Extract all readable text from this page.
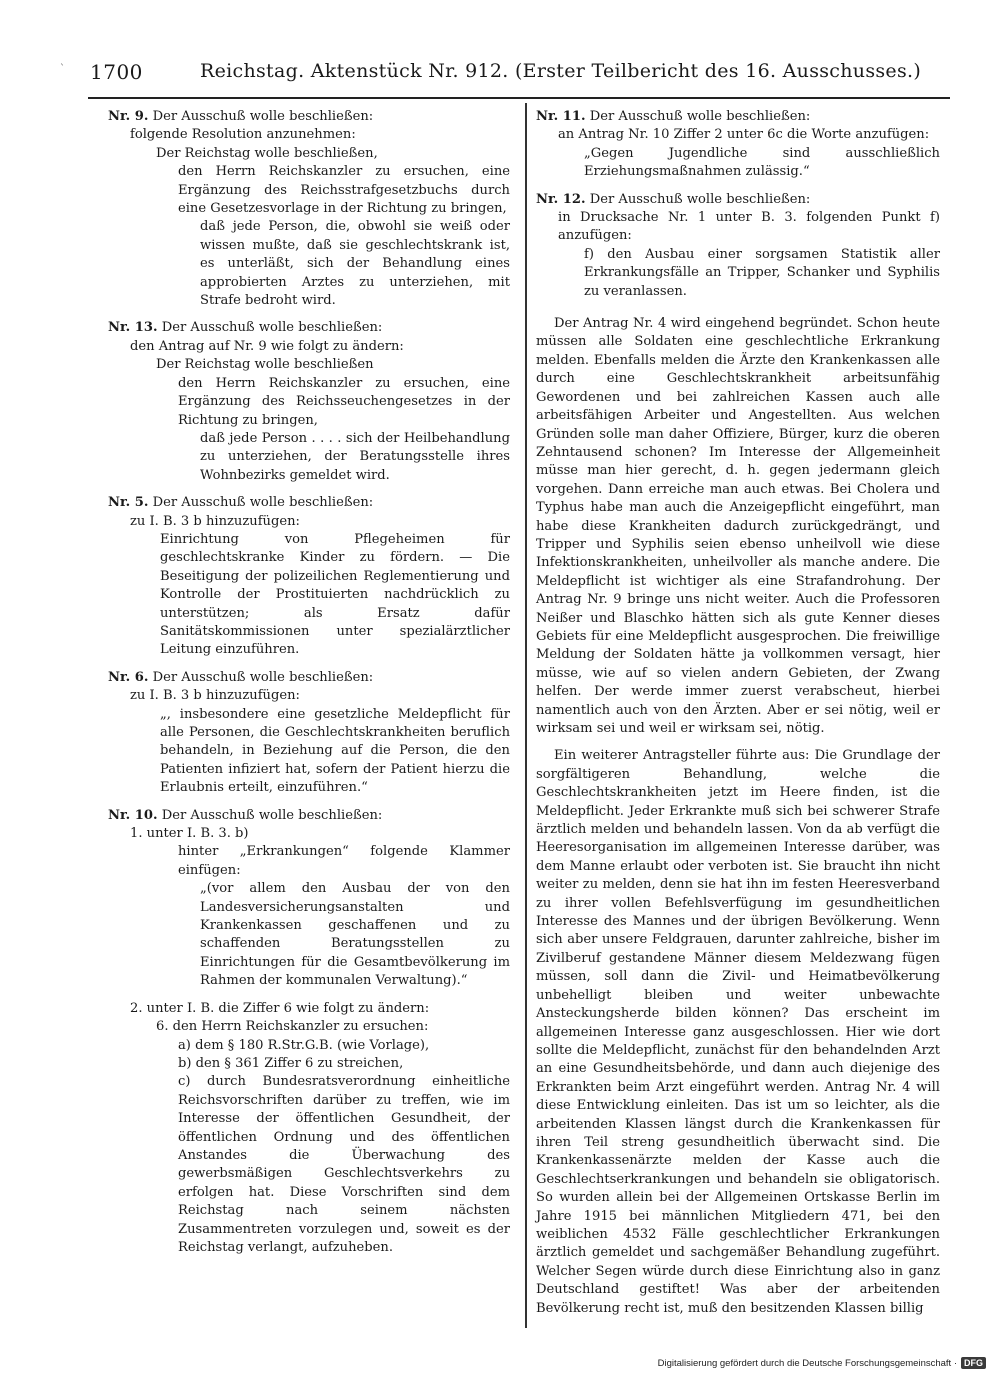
ˋ 1700	Reichstag. Aktenstück Nr. 912. (Erster Teilbericht des 16. Ausschusses.)
Nr. 9. Der Ausschuß wolle beschließen:
folgende Resolution anzunehmen:
Der Reichstag wolle beschließen,
den Herrn Reichskanzler zu ersuchen, eine Ergänzung des Reichsstrafgesetzbuchs durch eine Gesetzesvorlage in der Richtung zu bringen,
daß jede Person, die, obwohl sie weiß oder wissen mußte, daß sie geschlechtskrank ist, es unterläßt, sich der Behandlung eines approbierten Arztes zu unterziehen, mit Strafe bedroht wird.
Nr. 13. Der Ausschuß wolle beschließen:
den Antrag auf Nr. 9 wie folgt zu ändern:
Der Reichstag wolle beschließen
den Herrn Reichskanzler zu ersuchen, eine Ergänzung des Reichsseuchengesetzes in der Richtung zu bringen,
daß jede Person . . . . sich der Heilbehandlung zu unterziehen, der Beratungsstelle ihres Wohnbezirks gemeldet wird.
Nr. 5. Der Ausschuß wolle beschließen:
zu I. B. 3 b hinzuzufügen:
Einrichtung von Pflegeheimen für geschlechtskranke Kinder zu fördern. — Die Beseitigung der polizeilichen Reglementierung und Kontrolle der Prostituierten nachdrücklich zu unterstützen; als Ersatz dafür Sanitätskommissionen unter spezialärztlicher Leitung einzuführen.
Nr. 6. Der Ausschuß wolle beschließen:
zu I. B. 3 b hinzuzufügen:
„, insbesondere eine gesetzliche Meldepflicht für alle Personen, die Geschlechtskrankheiten beruflich behandeln, in Beziehung auf die Person, die den Patienten infiziert hat, sofern der Patient hierzu die Erlaubnis erteilt, einzuführen.“
Nr. 10. Der Ausschuß wolle beschließen:
1. unter I. B. 3. b)
hinter „Erkrankungen“ folgende Klammer einfügen:
„(vor allem den Ausbau der von den Landesversicherungsanstalten und Krankenkassen geschaffenen und zu schaffenden Beratungsstellen zu Einrichtungen für die Gesamtbevölkerung im Rahmen der kommunalen Verwaltung).“
2. unter I. B. die Ziffer 6 wie folgt zu ändern:
6. den Herrn Reichskanzler zu ersuchen:
a) dem § 180 R.Str.G.B. (wie Vorlage),
b) den § 361 Ziffer 6 zu streichen,
c) durch Bundesratsverordnung einheitliche Reichsvorschriften darüber zu treffen, wie im Interesse der öffentlichen Gesundheit, der öffentlichen Ordnung und des öffentlichen Anstandes die Überwachung des gewerbsmäßigen Geschlechtsverkehrs zu erfolgen hat. Diese Vorschriften sind dem Reichstag nach seinem nächsten Zusammentreten vorzulegen und, soweit es der Reichstag verlangt, aufzuheben.
Nr. 11. Der Ausschuß wolle beschließen:
an Antrag Nr. 10 Ziffer 2 unter 6c die Worte anzufügen:
„Gegen Jugendliche sind ausschließlich Erziehungsmaßnahmen zulässig.“
Nr. 12. Der Ausschuß wolle beschließen:
in Drucksache Nr. 1 unter B. 3. folgenden Punkt f) anzufügen:
f) den Ausbau einer sorgsamen Statistik aller Erkrankungsfälle an Tripper, Schanker und Syphilis zu veranlassen.
Der Antrag Nr. 4 wird eingehend begründet. Schon heute müssen alle Soldaten eine geschlechtliche Erkrankung melden. Ebenfalls melden die Ärzte den Krankenkassen alle durch eine Geschlechtskrankheit arbeitsunfähig Gewordenen und bei zahlreichen Kassen auch alle arbeitsfähigen Arbeiter und Angestellten. Aus welchen Gründen solle man daher Offiziere, Bürger, kurz die oberen Zehntausend schonen? Im Interesse der Allgemeinheit müsse man hier gerecht, d. h. gegen jedermann gleich vorgehen. Dann erreiche man auch etwas. Bei Cholera und Typhus habe man auch die Anzeigepflicht eingeführt, man habe diese Krankheiten dadurch zurückgedrängt, und Tripper und Syphilis seien ebenso unheilvoll wie diese Infektionskrankheiten, unheilvoller als manche andere. Die Meldepflicht ist wichtiger als eine Strafandrohung. Der Antrag Nr. 9 bringe uns nicht weiter. Auch die Professoren Neißer und Blaschko hätten sich als gute Kenner dieses Gebiets für eine Meldepflicht ausgesprochen. Die freiwillige Meldung der Soldaten hätte ja vollkommen versagt, hier müsse, wie auf so vielen andern Gebieten, der Zwang helfen. Der werde immer zuerst verabscheut, hierbei namentlich auch von den Ärzten. Aber er sei nötig, weil er wirksam sei und weil er wirksam sei, nötig.
Ein weiterer Antragsteller führte aus: Die Grundlage der sorgfältigeren Behandlung, welche die Geschlechtskrankheiten jetzt im Heere finden, ist die Meldepflicht. Jeder Erkrankte muß sich bei schwerer Strafe ärztlich melden und behandeln lassen. Von da ab verfügt die Heeresorganisation im allgemeinen Interesse darüber, was dem Manne erlaubt oder verboten ist. Sie braucht ihn nicht weiter zu melden, denn sie hat ihn im festen Heeresverband zu ihrer vollen Befehlsverfügung im gesundheitlichen Interesse des Mannes und der übrigen Bevölkerung. Wenn sich aber unsere Feldgrauen, darunter zahlreiche, bisher im Zivilberuf gestandene Männer diesem Meldezwang fügen müssen, soll dann die Zivil- und Heimatbevölkerung unbehelligt bleiben und weiter unbewachte Ansteckungsherde bilden können? Das erscheint im allgemeinen Interesse ganz ausgeschlossen. Hier wie dort sollte die Meldepflicht, zunächst für den behandelnden Arzt an eine Gesundheitsbehörde, und dann auch diejenige des Erkrankten beim Arzt eingeführt werden. Antrag Nr. 4 will diese Entwicklung einleiten. Das ist um so leichter, als die arbeitenden Klassen längst durch die Krankenkassen für ihren Teil streng gesundheitlich überwacht sind. Die Krankenkassenärzte melden der Kasse auch die Geschlechtserkrankungen und behandeln sie obligatorisch. So wurden allein bei der Allgemeinen Ortskasse Berlin im Jahre 1915 bei männlichen Mitgliedern 471, bei den weiblichen 4532 Fälle geschlechtlicher Erkrankungen ärztlich gemeldet und sachgemäßer Behandlung zugeführt. Welcher Segen würde durch diese Einrichtung also in ganz Deutschland gestiftet! Was aber der arbeitenden Bevölkerung recht ist, muß den besitzenden Klassen billig
Digitalisierung gefördert durch die Deutsche Forschungsgemeinschaft · DFG
